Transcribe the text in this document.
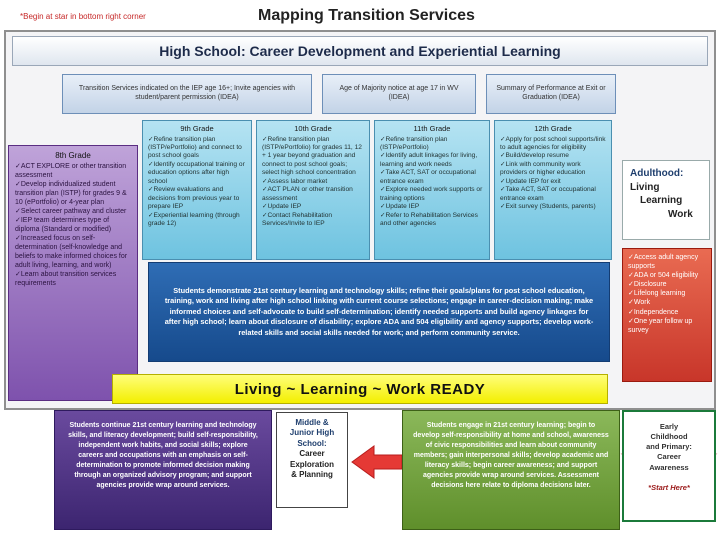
*Begin at star in bottom right corner	Mapping Transition Services
High School: Career Development and Experiential Learning
Transition Services indicated on the IEP age 16+; Invite agencies with student/parent permission (IDEA)
Age of Majority notice at age 17 in WV (IDEA)
Summary of Performance at Exit or Graduation (IDEA)
9th Grade
✓Refine transition plan (ISTP/ePortfolio) and connect to post school goals
✓Identify occupational training or education options after high school
✓Review evaluations and decisions from previous year to prepare IEP
✓Experiential learning (through grade 12)
10th Grade
✓Refine transition plan (ISTP/ePortfolio) for grades 11, 12 + 1 year beyond graduation and connect to post school goals; select high school concentration
✓Assess labor market
✓ACT PLAN or other transition assessment
✓Update IEP
✓Contact Rehabilitation Services/Invite to IEP
11th Grade
✓Refine transition plan (ISTP/ePortfolio)
✓Identify adult linkages for living, learning and work needs
✓Take ACT, SAT or occupational entrance exam
✓Explore needed work supports or training options
✓Update IEP
✓Refer to Rehabilitation Services and other agencies
12th Grade
✓Apply for post school supports/link to adult agencies for eligibility
✓Build/develop resume
✓Link with community work providers or higher education
✓Update IEP for exit
✓Take ACT, SAT or occupational entrance exam
✓Exit survey (Students, parents)
8th Grade
✓ACT EXPLORE or other transition assessment
✓Develop individualized student transition plan (ISTP) for grades 9 & 10 (ePortfolio) or 4-year plan
✓Select career pathway and cluster
✓IEP team determines type of diploma (Standard or modified)
✓Increased focus on self-determination (self-knowledge and beliefs to make informed choices for adult living, learning, and work)
✓Learn about transition services requirements
Students demonstrate 21st century learning and technology skills; refine their goals/plans for post school education, training, work and living after high school linking with current course selections; engage in career-decision making; make informed choices and self-advocate to build self-determination; identify needed supports and build agency linkages for after high school; learn about disclosure of disability; explore ADA and 504 eligibility and agency supports; develop work-related skills and social skills needed for work; and perform community service.
Living ~ Learning ~ Work READY
Adulthood:
Living
Learning
Work
✓Access adult agency supports
✓ADA or 504 eligibility
✓Disclosure
✓Lifelong learning
✓Work
✓Independence
✓One year follow up survey
Students continue 21st century learning and technology skills, and literacy development; build self-responsibility, independent work habits, and social skills; explore careers and occupations with an emphasis on self-determination to promote informed decision making through an organized advisory program; and support agencies provide wrap around services.
Middle &
Junior High
School:
Career
Exploration
& Planning
Students engage in 21st century learning; begin to develop self-responsibility at home and school, awareness of civic responsibilities and learn about community members; gain interpersonal skills; develop academic and literacy skills; begin career awareness; and support agencies provide wrap around services. Assessment decisions here relate to diploma decisions later.
Early
Childhood
and Primary:
Career
Awareness
*Start Here*
